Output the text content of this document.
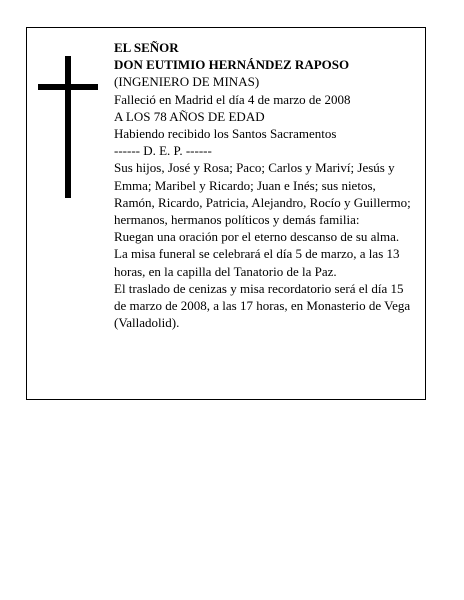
EL SEÑOR
DON EUTIMIO HERNÁNDEZ RAPOSO
(INGENIERO DE MINAS)
Falleció en Madrid el día 4 de marzo de 2008
A LOS 78 AÑOS DE EDAD
Habiendo recibido los Santos Sacramentos
------ D. E. P. ------

Sus hijos, José y Rosa; Paco; Carlos y Mariví; Jesús y Emma; Maribel y Ricardo; Juan e Inés; sus nietos, Ramón, Ricardo, Patricia, Alejandro, Rocío y Guillermo; hermanos, hermanos políticos y demás familia:

Ruegan una oración por el eterno descanso de su alma.

La misa funeral se celebrará el día 5 de marzo, a las 13 horas, en la capilla del Tanatorio de la Paz.

El traslado de cenizas y misa recordatorio será el día 15 de marzo de 2008, a las 17 horas, en Monasterio de Vega (Valladolid).
